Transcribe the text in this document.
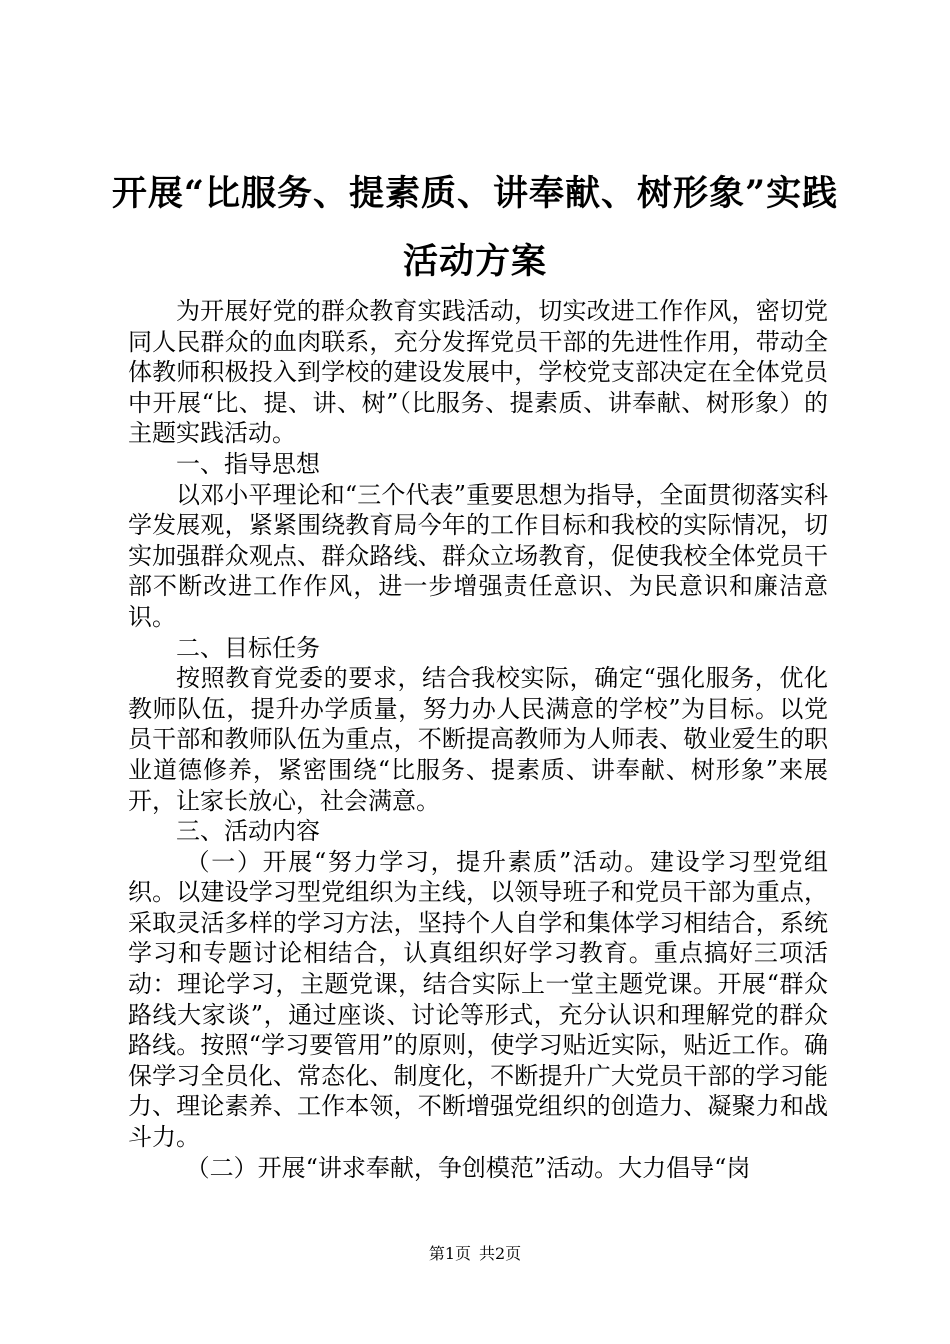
开展“比服务、提素质、讲奉献、树形象”实践活动方案

为开展好党的群众教育实践活动，切实改进工作作风，密切党同人民群众的血肉联系，充分发挥党员干部的先进性作用，带动全体教师积极投入到学校的建设发展中，学校党支部决定在全体党员中开展“比、提、讲、树”（比服务、提素质、讲奉献、树形象）的主题实践活动。

一、指导思想

以邓小平理论和“三个代表”重要思想为指导，全面贯彻落实科学发展观，紧紧围绕教育局今年的工作目标和我校的实际情况，切实加强群众观点、群众路线、群众立场教育，促使我校全体党员干部不断改进工作作风，进一步增强责任意识、为民意识和廉洁意识。

二、目标任务

按照教育党委的要求，结合我校实际，确定“强化服务，优化教师队伍，提升办学质量，努力办人民满意的学校”为目标。以党员干部和教师队伍为重点，不断提高教师为人师表、敬业爱生的职业道德修养，紧密围绕“比服务、提素质、讲奉献、树形象”来展开，让家长放心，社会满意。

三、活动内容

（一）开展“努力学习，提升素质”活动。建设学习型党组织。以建设学习型党组织为主线，以领导班子和党员干部为重点，采取灵活多样的学习方法，坚持个人自学和集体学习相结合，系统学习和专题讨论相结合，认真组织好学习教育。重点搞好三项活动：理论学习，主题党课，结合实际上一堂主题党课。开展“群众路线大家谈”，通过座谈、讨论等形式，充分认识和理解党的群众路线。按照“学习要管用”的原则，使学习贴近实际，贴近工作。确保学习全员化、常态化、制度化，不断提升广大党员干部的学习能力、理论素养、工作本领，不断增强党组织的创造力、凝聚力和战斗力。

（二）开展“讲求奉献，争创模范”活动。大力倡导“岗

第1页 共2页
